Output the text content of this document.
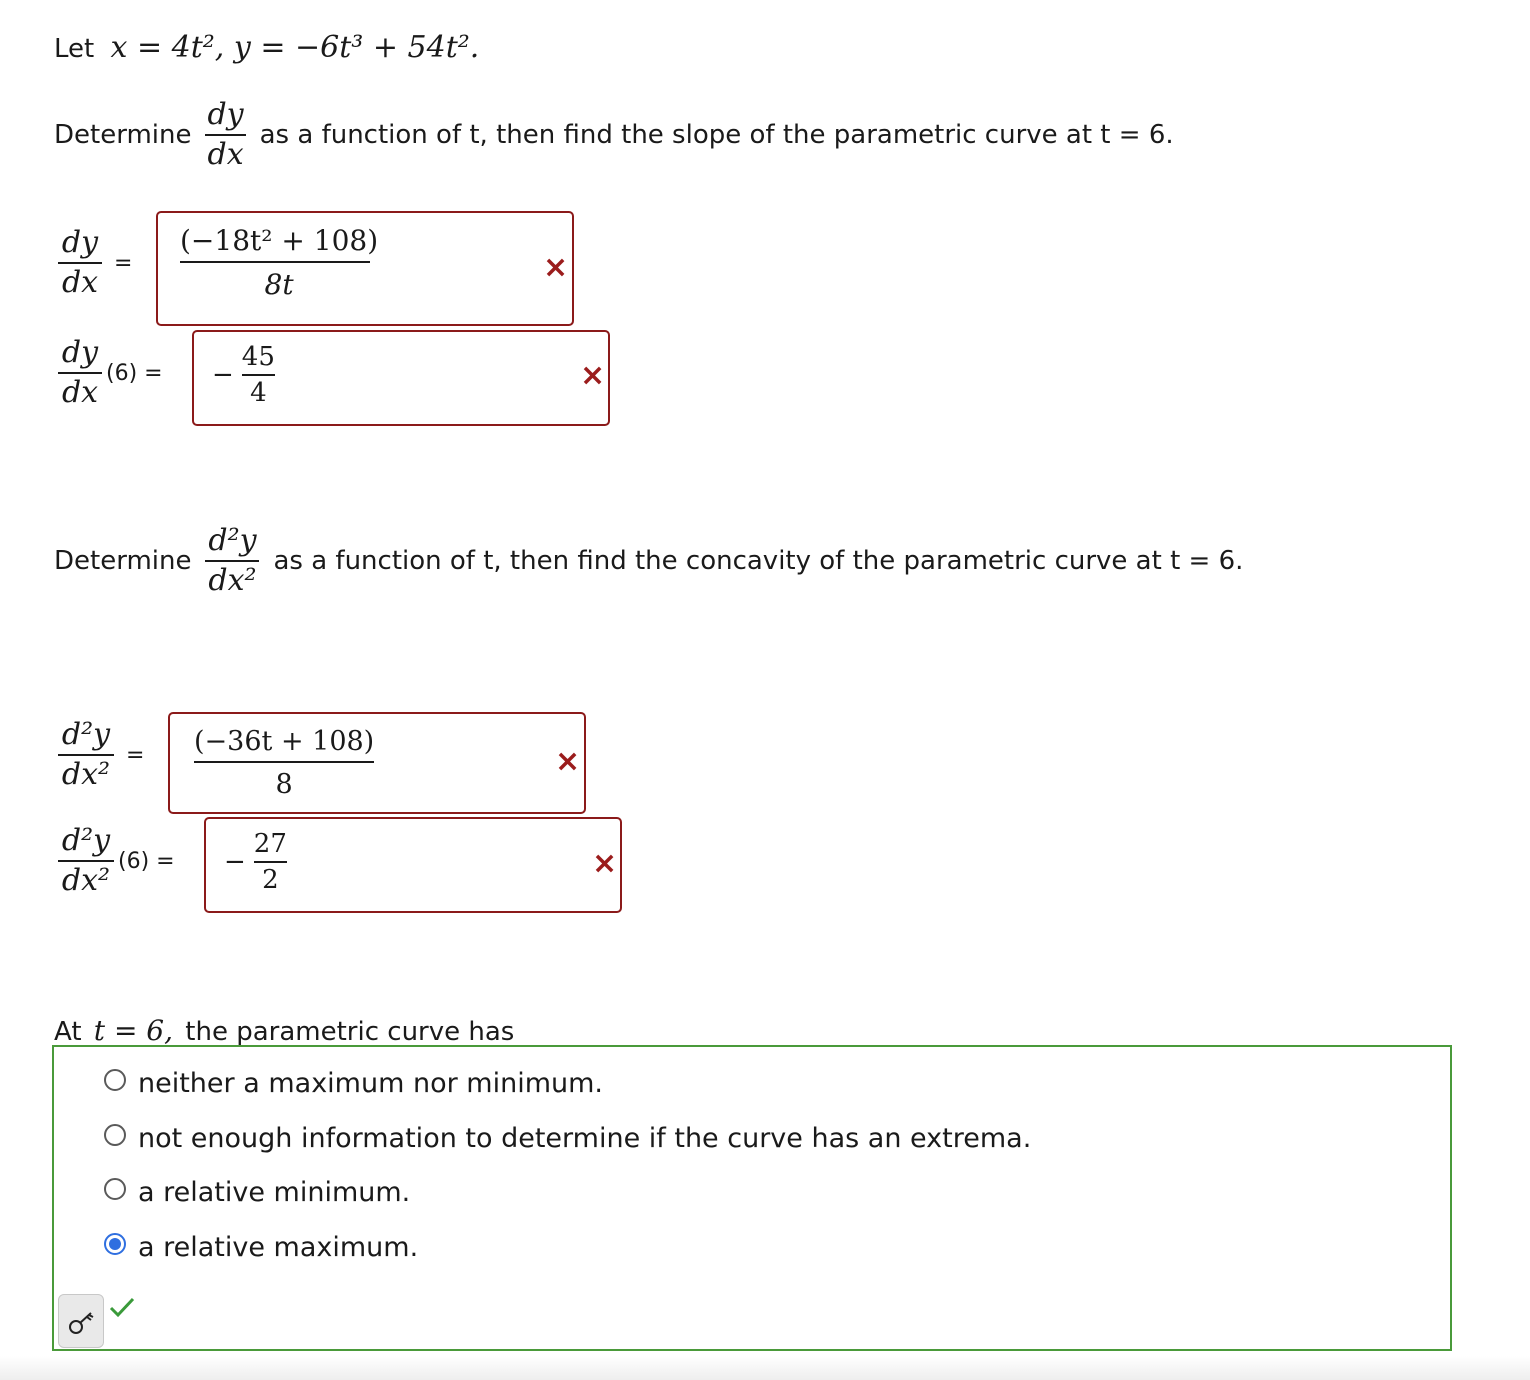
Let x = 4t², y = −6t³ + 54t².
Determine $\frac{dy}{dx}$ as a function of t, then find the slope of the parametric curve at t = 6.
$\frac{dy}{dx}$ =
(−18t² + 108)
8t	×
$\frac{dy}{dx} (6)$ = −
45
4	×
Determine $\frac{\text{d²y}}{\text{dx²}}$ as a function of t, then find the concavity of the parametric curve at t = 6.
$\frac{\text{d²y}}{\text{dx²}} = (-36t + 108)$
8
×
$\frac{\text{d²y}}{\text{dx²}} (6)$ = −
27
2	×
At t = 6, the parametric curve has
neither a maximum nor minimum.
not enough information to determine if the curve has an extrema.
a relative minimum.
a relative maximum.
